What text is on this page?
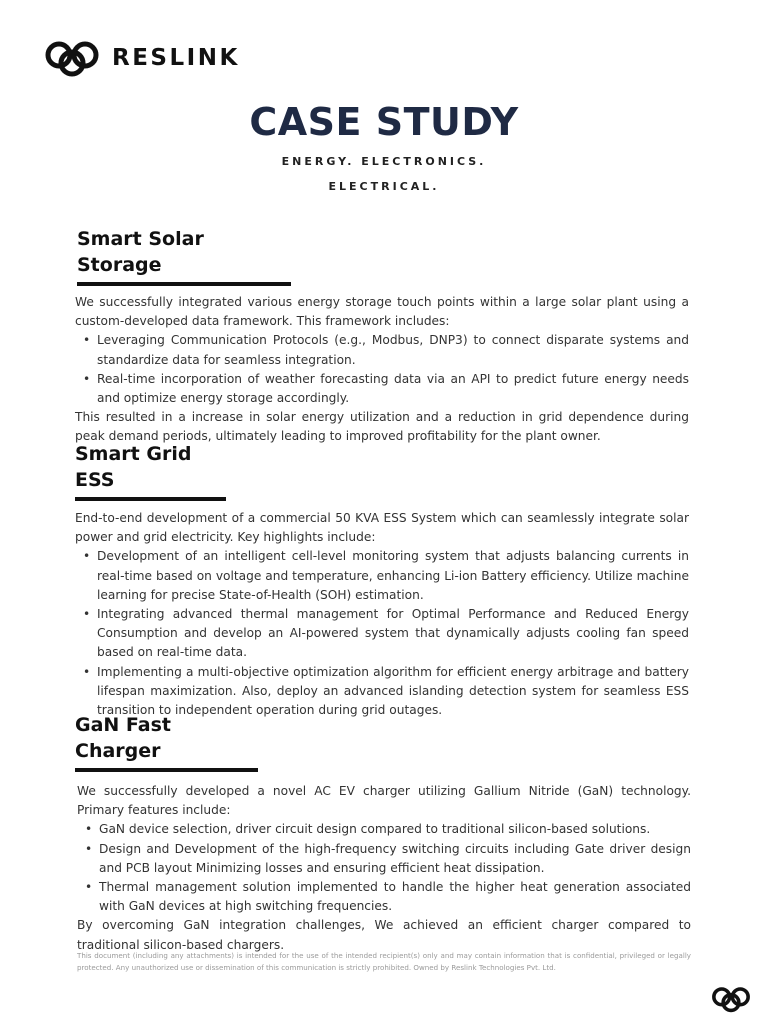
RESLINK
CASE STUDY
ENERGY. ELECTRONICS.
ELECTRICAL.
Smart Solar Storage

We successfully integrated various energy storage touch points within a large solar plant using a custom-developed data framework. This framework includes:

• Leveraging Communication Protocols (e.g., Modbus, DNP3) to connect disparate systems and standardize data for seamless integration.
• Real-time incorporation of weather forecasting data via an API to predict future energy needs and optimize energy storage accordingly.

This resulted in a increase in solar energy utilization and a reduction in grid dependence during peak demand periods, ultimately leading to improved profitability for the plant owner.

Smart Grid ESS

End-to-end development of a commercial 50 KVA ESS System which can seamlessly integrate solar power and grid electricity. Key highlights include:

• Development of an intelligent cell-level monitoring system that adjusts balancing currents in real-time based on voltage and temperature, enhancing Li-ion Battery efficiency. Utilize machine learning for precise State-of-Health (SOH) estimation.
• Integrating advanced thermal management for Optimal Performance and Reduced Energy Consumption and develop an AI-powered system that dynamically adjusts cooling fan speed based on real-time data.
• Implementing a multi-objective optimization algorithm for efficient energy arbitrage and battery lifespan maximization. Also, deploy an advanced islanding detection system for seamless ESS transition to independent operation during grid outages.
GaN Fast Charger

We successfully developed a novel AC EV charger utilizing Gallium Nitride (GaN) technology. Primary features include:

• GaN device selection, driver circuit design compared to traditional silicon-based solutions.
• Design and Development of the high-frequency switching circuits including Gate driver design and PCB layout Minimizing losses and ensuring efficient heat dissipation.
• Thermal management solution implemented to handle the higher heat generation associated with GaN devices at high switching frequencies.

By overcoming GaN integration challenges, We achieved an efficient charger compared to traditional silicon-based chargers.

This document (including any attachments) is intended for the use of the intended recipient(s) only and may contain information that is confidential, privileged or legally protected. Any unauthorized use or dissemination of this communication is strictly prohibited. Owned by Reslink Technologies Pvt. Ltd.
